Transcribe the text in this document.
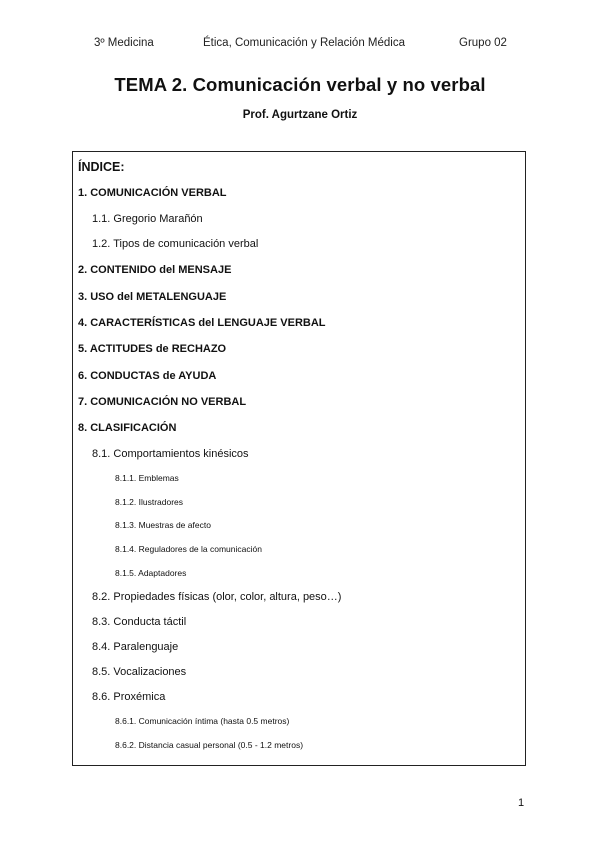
3º Medicina	Ética, Comunicación y Relación Médica	Grupo 02
TEMA 2. Comunicación verbal y no verbal
Prof. Agurtzane Ortiz
ÍNDICE:
1. COMUNICACIÓN VERBAL
1.1. Gregorio Marañón
1.2. Tipos de comunicación verbal
2. CONTENIDO del MENSAJE
3. USO del METALENGUAJE
4. CARACTERÍSTICAS del LENGUAJE VERBAL
5. ACTITUDES de RECHAZO
6. CONDUCTAS de AYUDA
7. COMUNICACIÓN NO VERBAL
8. CLASIFICACIÓN
8.1. Comportamientos kinésicos
8.1.1. Emblemas
8.1.2. Ilustradores
8.1.3. Muestras de afecto
8.1.4. Reguladores de la comunicación
8.1.5. Adaptadores
8.2. Propiedades físicas (olor, color, altura, peso…)
8.3. Conducta táctil
8.4. Paralenguaje
8.5. Vocalizaciones
8.6. Proxémica
8.6.1. Comunicación íntima (hasta 0.5 metros)
8.6.2. Distancia casual personal (0.5 - 1.2 metros)
1
